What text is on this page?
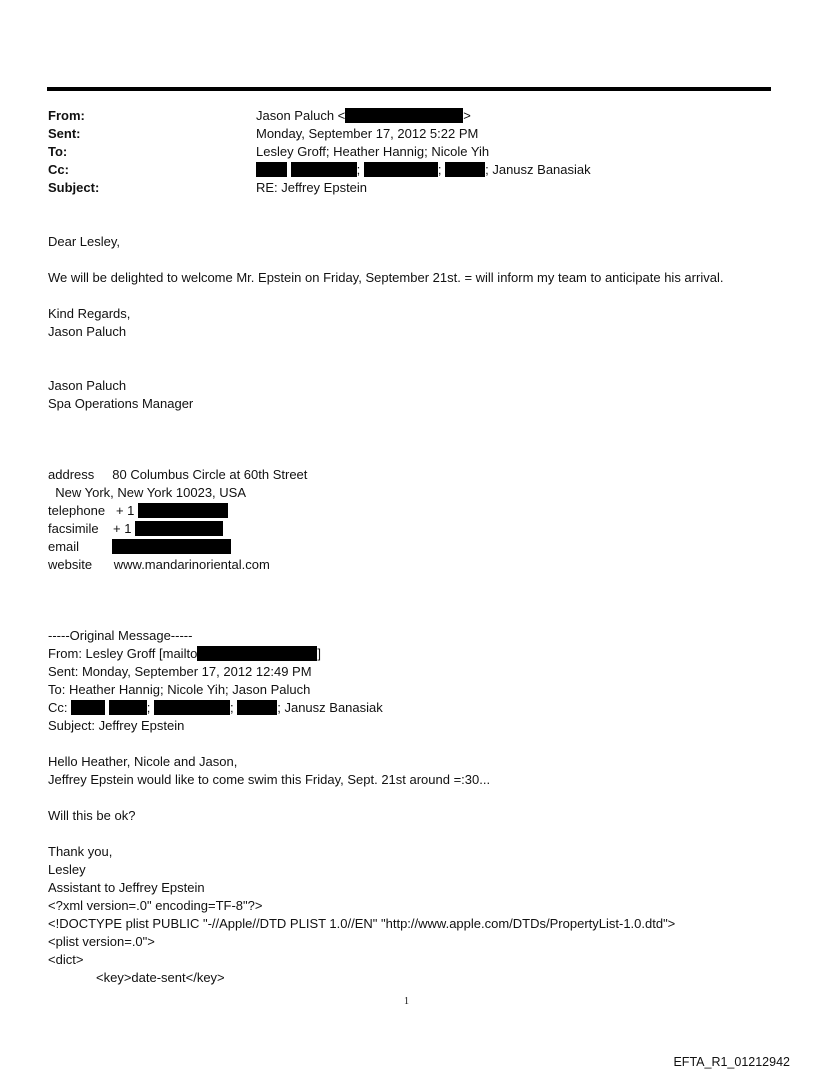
From:	Jason Paluch <	>
Sent:	Monday, September 17, 2012 5:22 PM
To:	Lesley Groff; Heather Hannig; Nicole Yih
Cc:	;	;	; Janusz Banasiak
Subject:	RE: Jeffrey Epstein
Dear Lesley,
We will be delighted to welcome Mr. Epstein on Friday, September 21st. = will inform my team to anticipate his arrival.
Kind Regards,
Jason Paluch
Jason Paluch
Spa Operations Manager
address     80 Columbus Circle at 60th Street
New York, New York 10023, USA
telephone   + 1
facsimile    + 1
email
website      www.mandarinoriental.com
-----Original Message-----
From: Lesley Groff [mailto	]
Sent: Monday, September 17, 2012 12:49 PM
To: Heather Hannig; Nicole Yih; Jason Paluch
Cc:	;	;	; Janusz Banasiak
Subject: Jeffrey Epstein
Hello Heather, Nicole and Jason,
Jeffrey Epstein would like to come swim this Friday, Sept. 21st around =:30...
Will this be ok?
Thank you,
Lesley
Assistant to Jeffrey Epstein
<?xml version=.0" encoding=TF-8"?>
<!DOCTYPE plist PUBLIC "-//Apple//DTD PLIST 1.0//EN" "http://www.apple.com/DTDs/PropertyList-1.0.dtd">
<plist version=.0">
<dict>
<key>date-sent</key>
1
EFTA_R1_01212942
